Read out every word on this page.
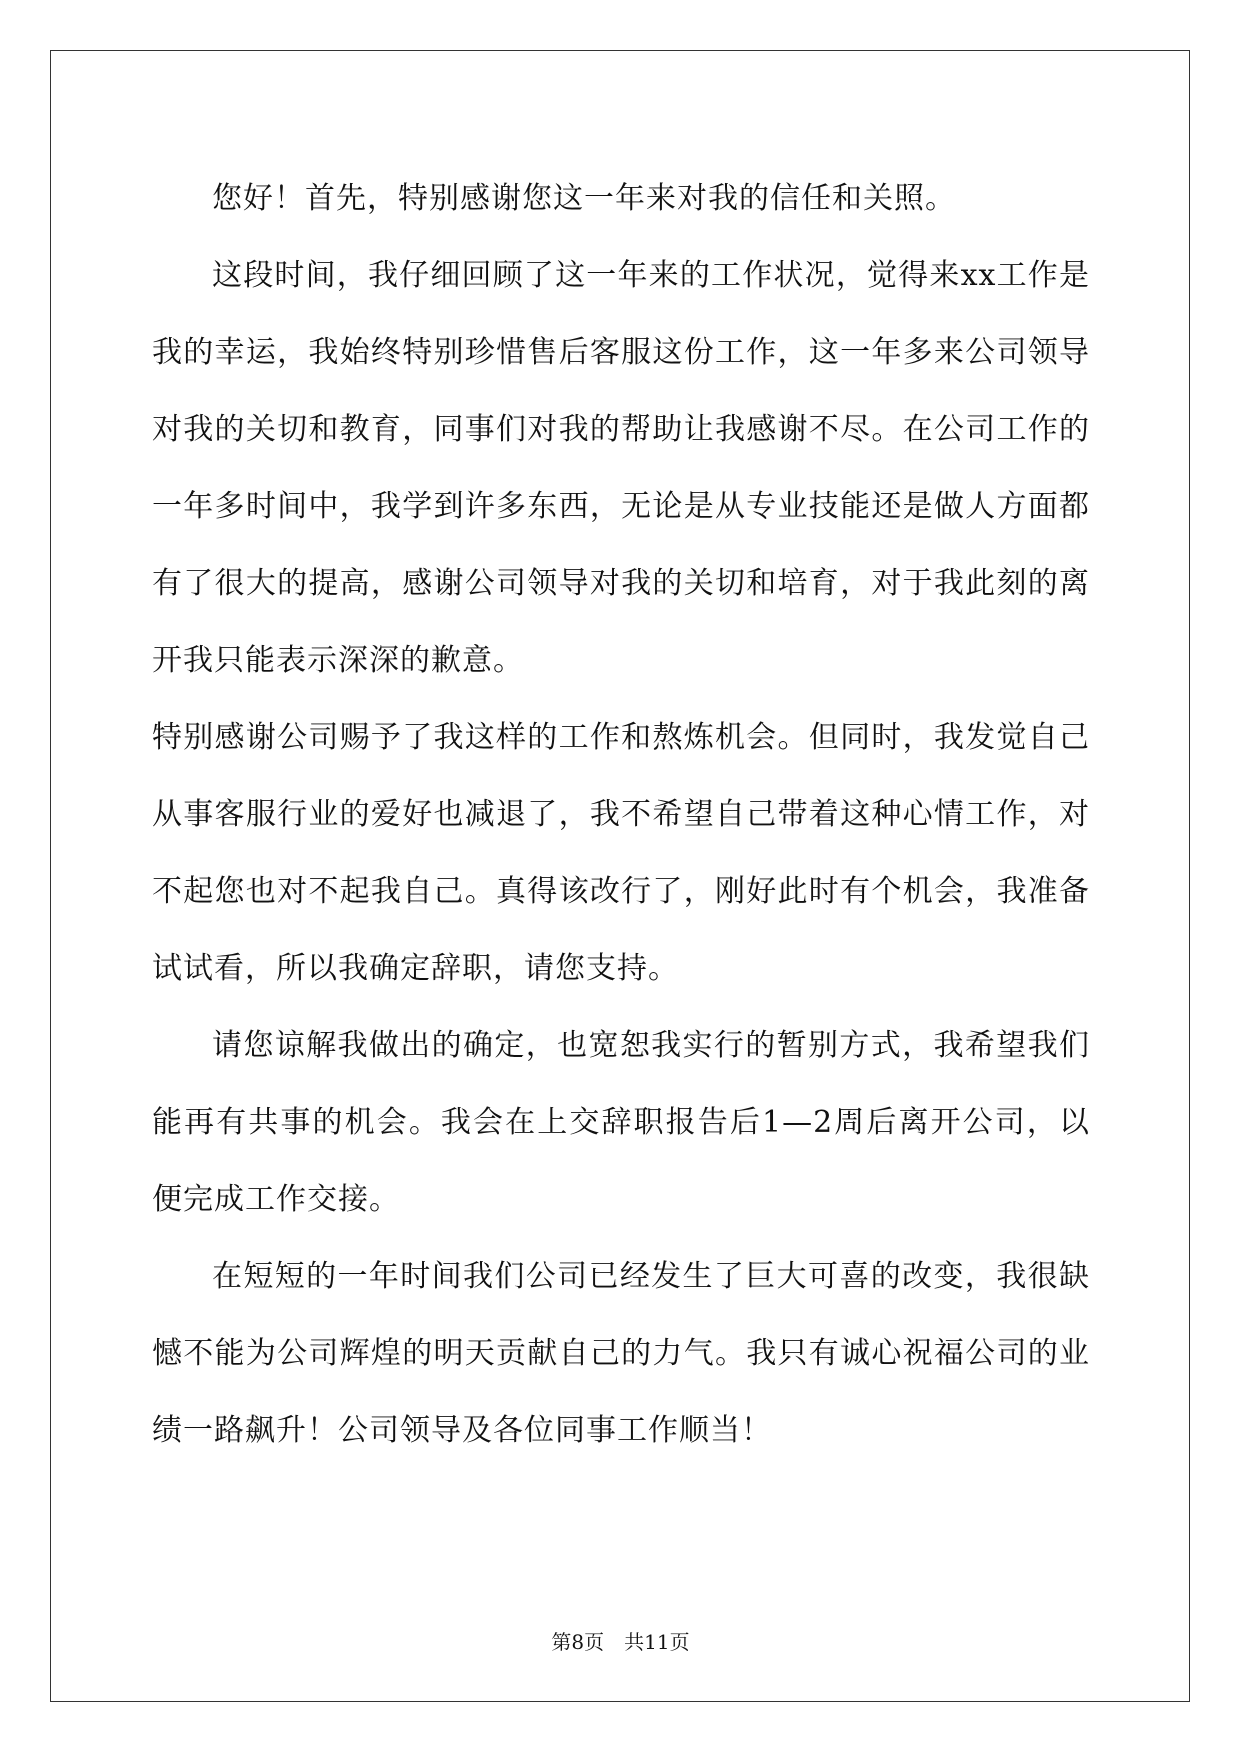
您好！首先，特别感谢您这一年来对我的信任和关照。

这段时间，我仔细回顾了这一年来的工作状况，觉得来xx工作是我的幸运，我始终特别珍惜售后客服这份工作，这一年多来公司领导对我的关切和教育，同事们对我的帮助让我感谢不尽。在公司工作的一年多时间中，我学到许多东西，无论是从专业技能还是做人方面都有了很大的提高，感谢公司领导对我的关切和培育，对于我此刻的离开我只能表示深深的歉意。

特别感谢公司赐予了我这样的工作和熬炼机会。但同时，我发觉自己从事客服行业的爱好也减退了，我不希望自己带着这种心情工作，对不起您也对不起我自己。真得该改行了，刚好此时有个机会，我准备试试看，所以我确定辞职，请您支持。

请您谅解我做出的确定，也宽恕我实行的暂别方式，我希望我们能再有共事的机会。我会在上交辞职报告后1—2周后离开公司，以便完成工作交接。

在短短的一年时间我们公司已经发生了巨大可喜的改变，我很缺憾不能为公司辉煌的明天贡献自己的力气。我只有诚心祝福公司的业绩一路飙升！公司领导及各位同事工作顺当！

第8页　共11页
